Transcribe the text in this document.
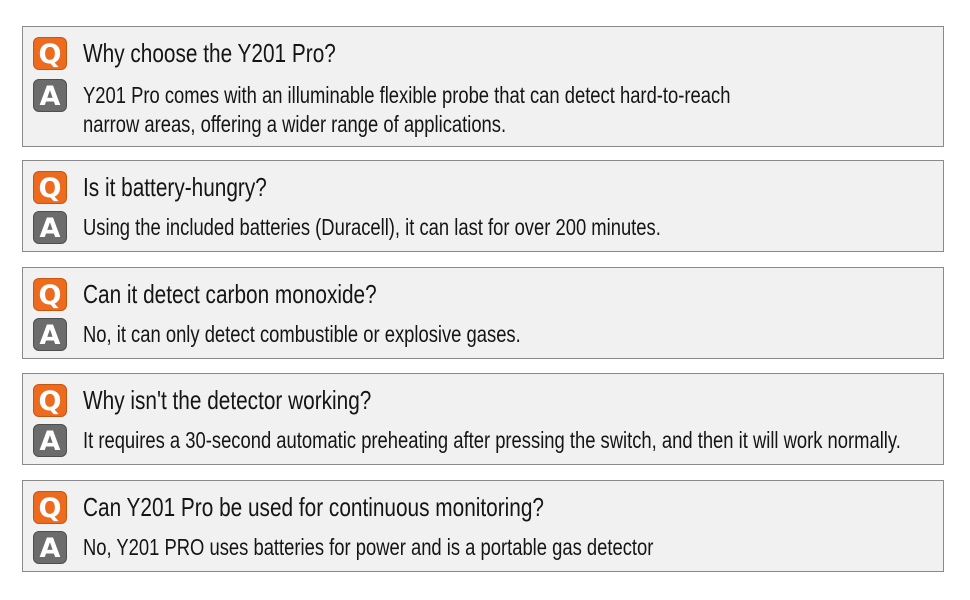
Q Why choose the Y201 Pro?
A Y201 Pro comes with an illuminable flexible probe that can detect hard-to-reach narrow areas, offering a wider range of applications.
Q Is it battery-hungry?
A Using the included batteries (Duracell), it can last for over 200 minutes.
Q Can it detect carbon monoxide?
A No, it can only detect combustible or explosive gases.
Q Why isn't the detector working?
A It requires a 30-second automatic preheating after pressing the switch, and then it will work normally.
Q Can Y201 Pro be used for continuous monitoring?
A No, Y201 PRO uses batteries for power and is a portable gas detector
